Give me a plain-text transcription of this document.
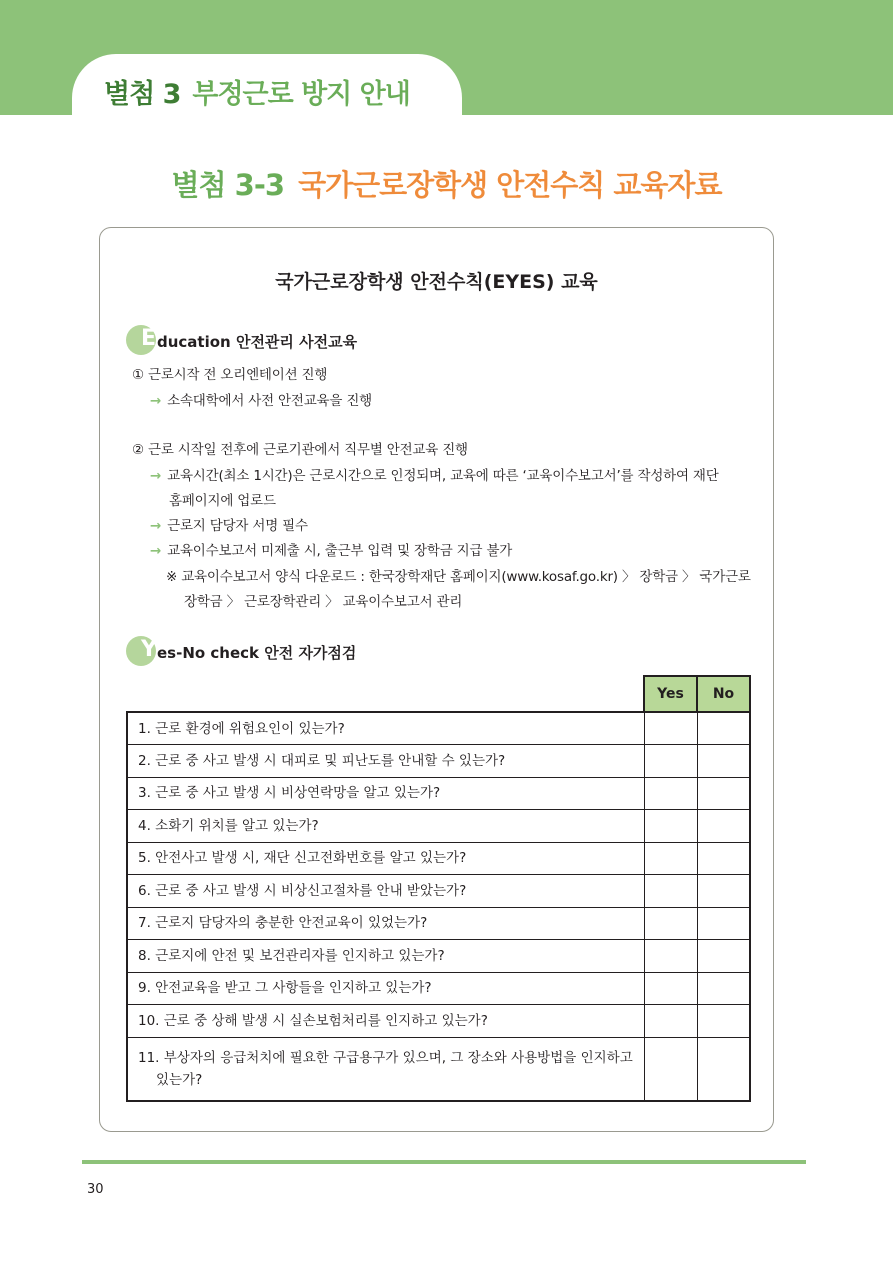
별첨 3 부정근로 방지 안내
별첨 3-3 국가근로장학생 안전수칙 교육자료
국가근로장학생 안전수칙(EYES) 교육
E ducation 안전관리 사전교육
① 근로시작 전 오리엔테이션 진행
→ 소속대학에서 사전 안전교육을 진행
② 근로 시작일 전후에 근로기관에서 직무별 안전교육 진행
→ 교육시간(최소 1시간)은 근로시간으로 인정되며, 교육에 따른 ‘교육이수보고서’를 작성하여 재단
홈페이지에 업로드
→ 근로지 담당자 서명 필수
→ 교육이수보고서 미제출 시, 출근부 입력 및 장학금 지급 불가
※ 교육이수보고서 양식 다운로드 : 한국장학재단 홈페이지(www.kosaf.go.kr) 〉 장학금 〉 국가근로
장학금 〉 근로장학관리 〉 교육이수보고서 관리
Y es-No check 안전 자가점검
	Yes	No
1. 근로 환경에 위험요인이 있는가?		
2. 근로 중 사고 발생 시 대피로 및 피난도를 안내할 수 있는가?		
3. 근로 중 사고 발생 시 비상연락망을 알고 있는가?		
4. 소화기 위치를 알고 있는가?		
5. 안전사고 발생 시, 재단 신고전화번호를 알고 있는가?		
6. 근로 중 사고 발생 시 비상신고절차를 안내 받았는가?		
7. 근로지 담당자의 충분한 안전교육이 있었는가?		
8. 근로지에 안전 및 보건관리자를 인지하고 있는가?		
9. 안전교육을 받고 그 사항들을 인지하고 있는가?		
10. 근로 중 상해 발생 시 실손보험처리를 인지하고 있는가?		

11. 부상자의 응급처치에 필요한 구급용구가 있으며, 그 장소와 사용방법을 인지하고
있는가?		

30
